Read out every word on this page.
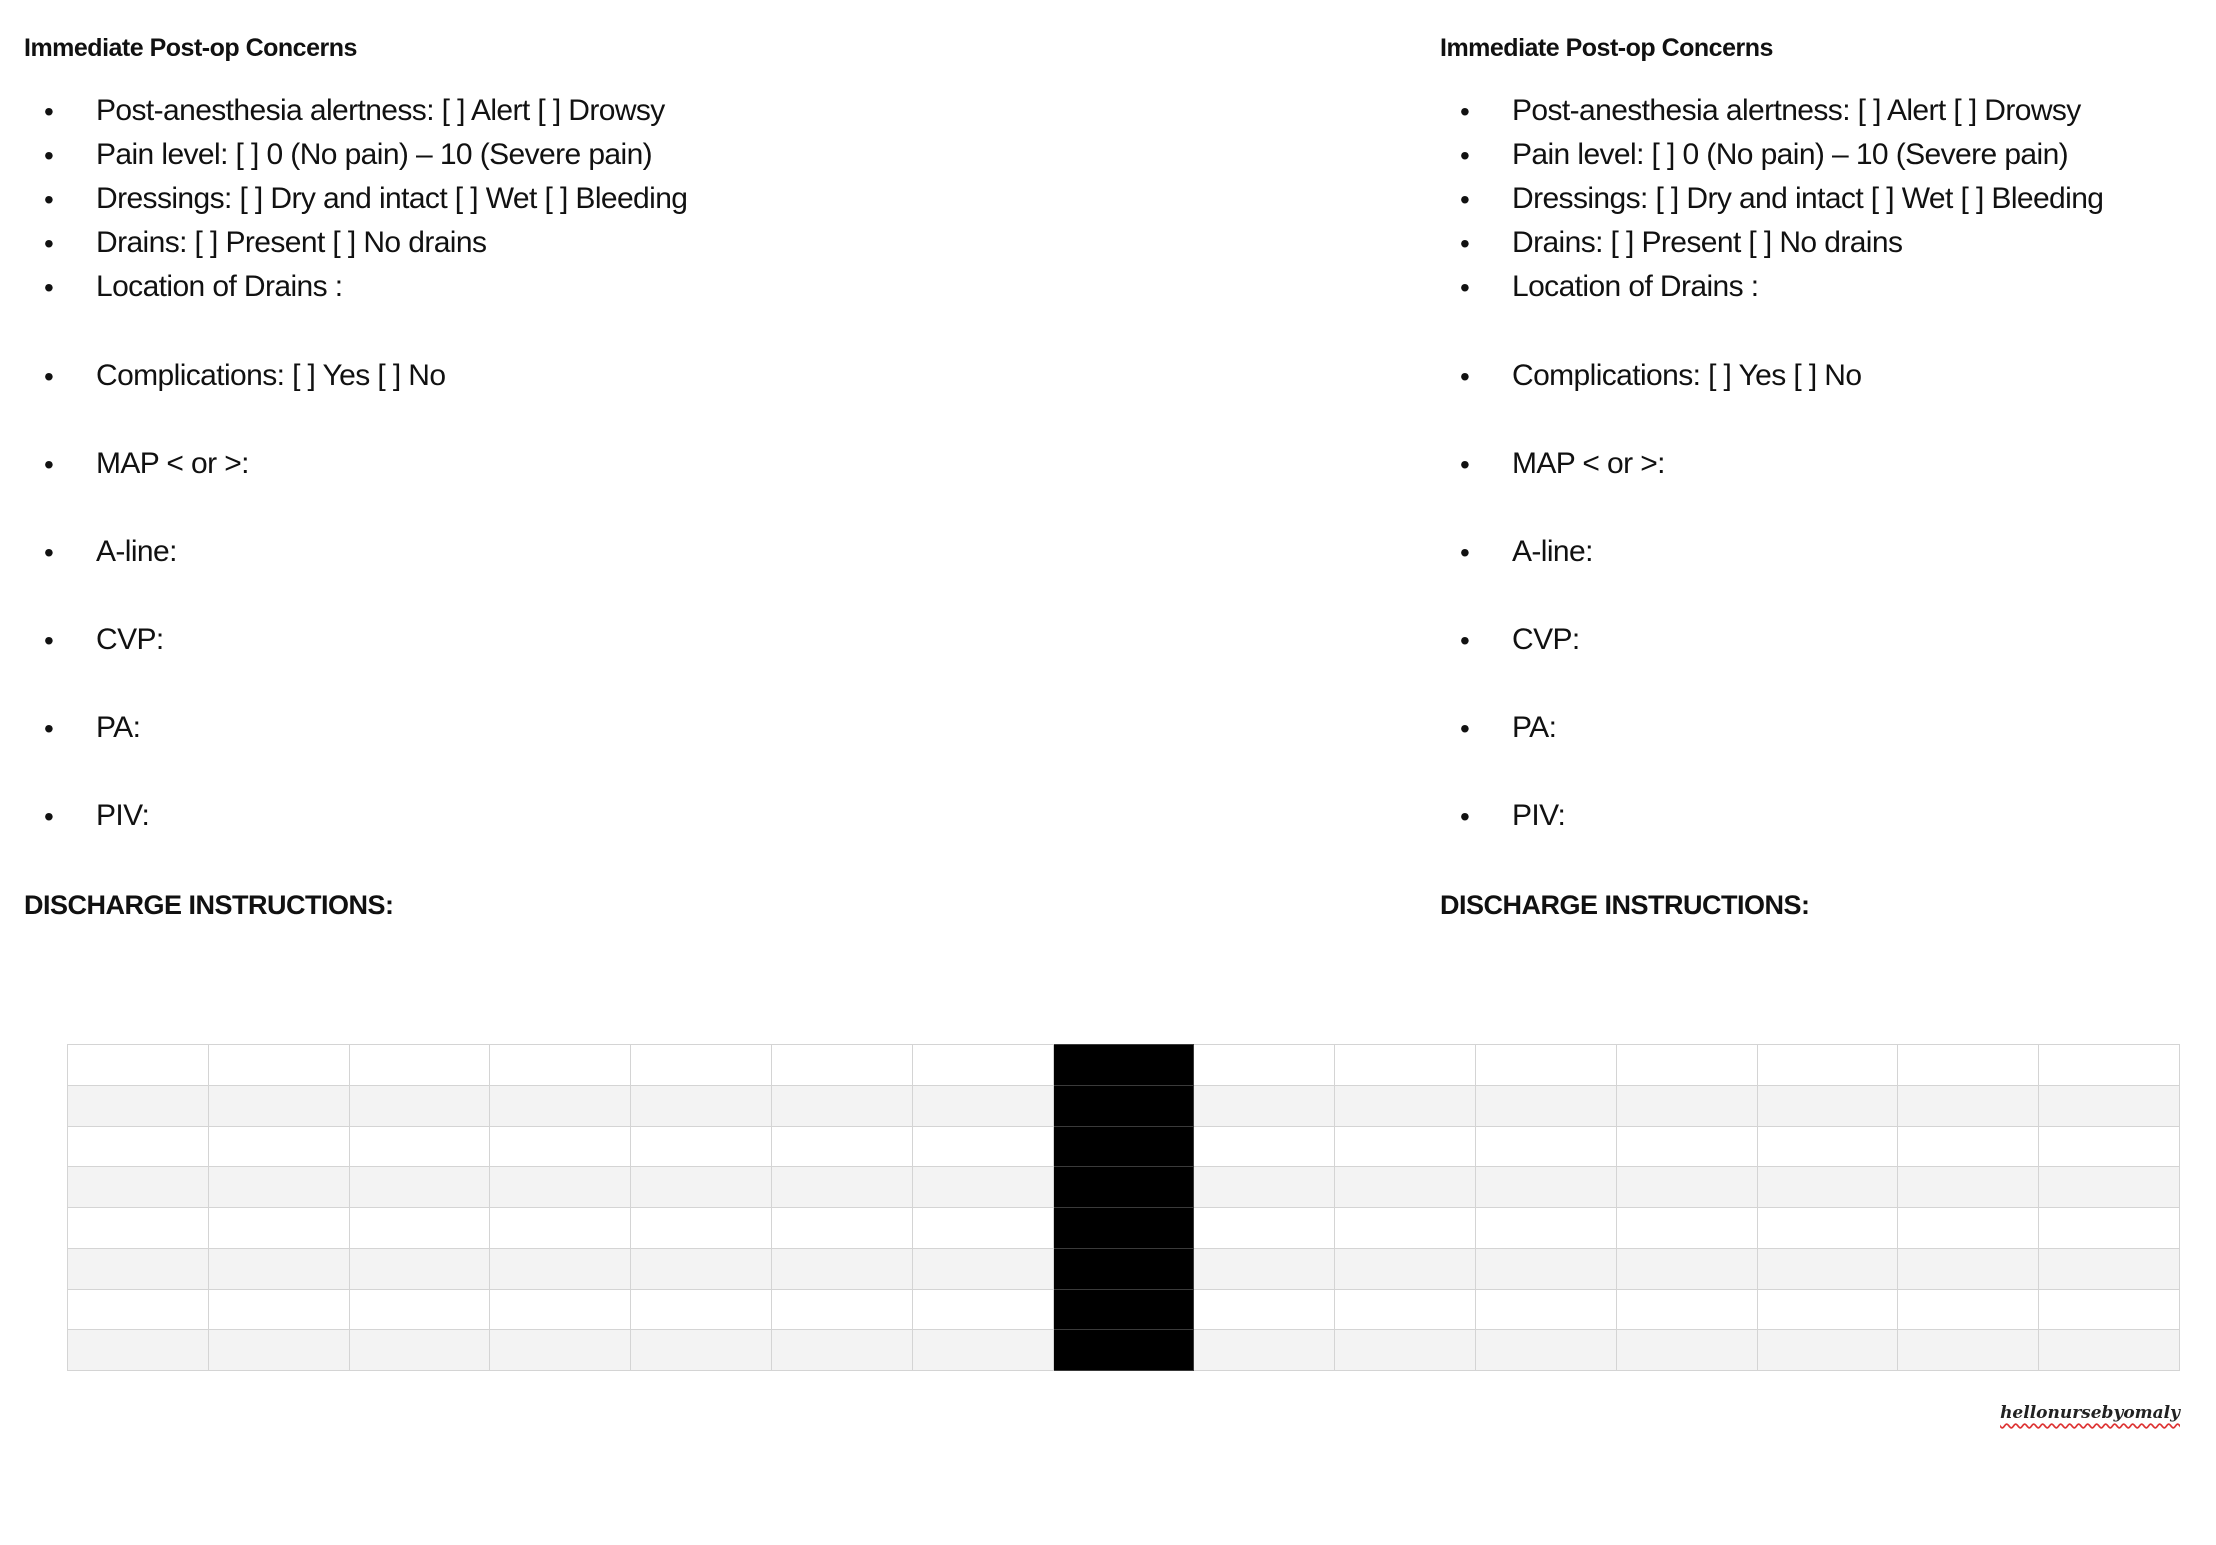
Immediate Post-op Concerns
• Post-anesthesia alertness: [ ] Alert [ ] Drowsy
• Pain level: [ ] 0 (No pain) – 10 (Severe pain)
• Dressings: [ ] Dry and intact [ ] Wet [ ] Bleeding
• Drains: [ ] Present [ ] No drains
• Location of Drains :
• Complications: [ ] Yes [ ] No
• MAP < or >:
• A-line:
• CVP:
• PA:
• PIV:
DISCHARGE INSTRUCTIONS:
Immediate Post-op Concerns
• Post-anesthesia alertness: [ ] Alert [ ] Drowsy
• Pain level: [ ] 0 (No pain) – 10 (Severe pain)
• Dressings: [ ] Dry and intact [ ] Wet [ ] Bleeding
• Drains: [ ] Present [ ] No drains
• Location of Drains :
• Complications: [ ] Yes [ ] No
• MAP < or >:
• A-line:
• CVP:
• PA:
• PIV:
DISCHARGE INSTRUCTIONS:

hellonursebyomaly
